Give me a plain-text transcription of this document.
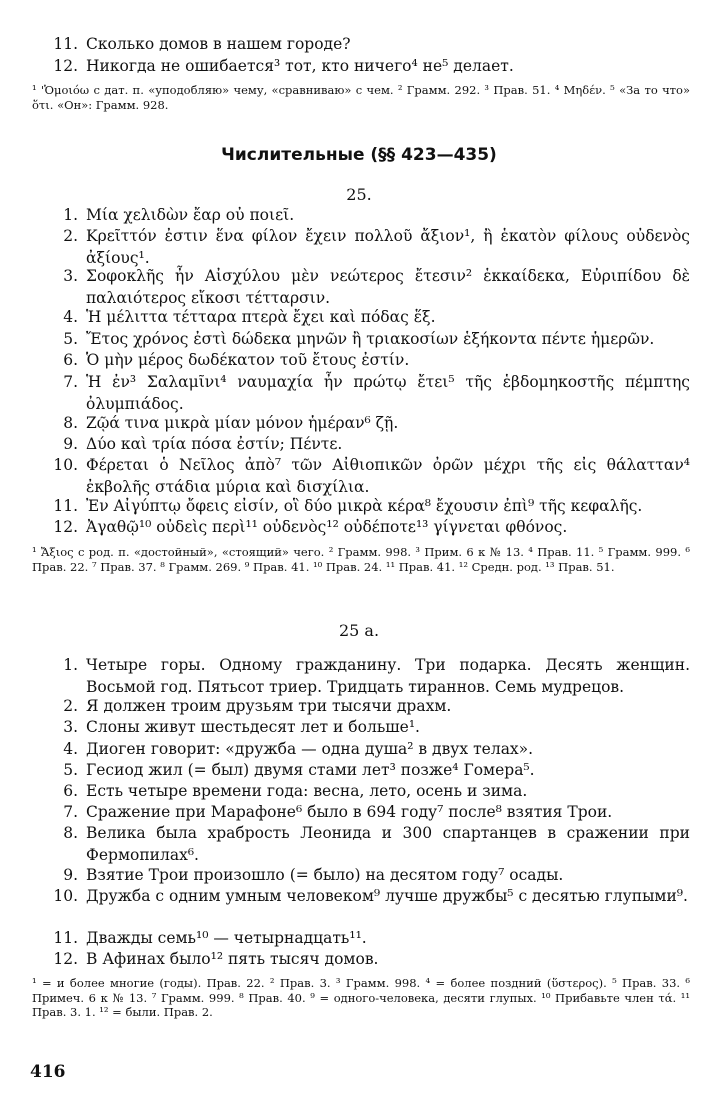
11. Сколько домов в нашем городе?
12. Никогда не ошибается³ тот, кто ничего⁴ не⁵ делает.
¹ 'Ὁμοιόω с дат. п. «уподобляю» чему, «сравниваю» с чем. ² Грамм. 292. ³ Прав. 51. ⁴ Μηδέν. ⁵ «За то что» ὅτι. «Он»: Грамм. 928.
Числительные (§§ 423—435)
25.
1. Μία χελιδὼν ἔαρ οὐ ποιεῖ.
2. Κρεῖττόν ἐστιν ἕνα φίλον ἔχειν πολλοῦ ἄξιον¹, ἢ ἑκατὸν φίλους οὐδενὸς ἀξίους¹.
3. Σοφοκλῆς ἦν Αἰσχύλου μὲν νεώτερος ἔτεσιν² ἑκκαίδεκα, Εὐριπίδου δὲ παλαιότερος εἴκοσι τέτταρσιν.
4. Ἡ μέλιττα τέτταρα πτερὰ ἔχει καὶ πόδας ἕξ.
5. Ἔτος χρόνος ἐστὶ δώδεκα μηνῶν ἢ τριακοσίων ἑξήκοντα πέντε ἡμερῶν.
6. Ὁ μὴν μέρος δωδέκατον τοῦ ἔτους ἐστίν.
7. Ἡ ἐν³ Σαλαμῖνι⁴ ναυμαχία ἦν πρώτῳ ἔτει⁵ τῆς ἑβδομηκοστῆς πέμπτης ὀλυμπιάδος.
8. Ζῷά τινα μικρὰ μίαν μόνον ἡμέραν⁶ ζῇ.
9. Δύο καὶ τρία πόσα ἐστίν; Πέντε.
10. Φέρεται ὁ Νεῖλος ἀπὸ⁷ τῶν Αἰθιοπικῶν ὀρῶν μέχρι τῆς εἰς θάλατταν⁴ ἐκβολῆς στάδια μύρια καὶ δισχίλια.
11. Ἐν Αἰγύπτῳ ὄφεις εἰσίν, οἳ δύο μικρὰ κέρα⁸ ἔχουσιν ἐπὶ⁹ τῆς κεφαλῆς.
12. Ἀγαθῷ¹⁰ οὐδεὶς περὶ¹¹ οὐδενὸς¹² οὐδέποτε¹³ γίγνεται φθόνος.
¹ Ἄξιος с род. п. «достойный», «стоящий» чего. ² Грамм. 998. ³ Прим. 6 к № 13. ⁴ Прав. 11. ⁵ Грамм. 999. ⁶ Прав. 22. ⁷ Прав. 37. ⁸ Грамм. 269. ⁹ Прав. 41. ¹⁰ Прав. 24. ¹¹ Прав. 41. ¹² Средн. род. ¹³ Прав. 51.
25 а.
1. Четыре горы. Одному гражданину. Три подарка. Десять женщин. Восьмой год. Пятьсот триер. Тридцать тираннов. Семь мудрецов.
2. Я должен троим друзьям три тысячи драхм.
3. Слоны живут шестьдесят лет и больше¹.
4. Диоген говорит: «дружба — одна душа² в двух телах».
5. Гесиод жил (= был) двумя стами лет³ позже⁴ Гомера⁵.
6. Есть четыре времени года: весна, лето, осень и зима.
7. Сражение при Марафоне⁶ было в 694 году⁷ после⁸ взятия Трои.
8. Велика была храбрость Леонида и 300 спартанцев в сражении при Фермопилах⁶.
9. Взятие Трои произошло (= было) на десятом году⁷ осады.
10. Дружба с одним умным человеком⁹ лучше дружбы⁵ с десятью глупыми⁹.
11. Дважды семь¹⁰ — четырнадцать¹¹.
12. В Афинах было¹² пять тысяч домов.
¹ = и более многие (годы). Прав. 22. ² Прав. 3. ³ Грамм. 998. ⁴ = более поздний (ὕστερος). ⁵ Прав. 33. ⁶ Примеч. 6 к № 13. ⁷ Грамм. 999. ⁸ Прав. 40. ⁹ = одного-человека, десяти глупых. ¹⁰ Прибавьте член τά. ¹¹ Прав. 3. 1. ¹² = были. Прав. 2.
416
